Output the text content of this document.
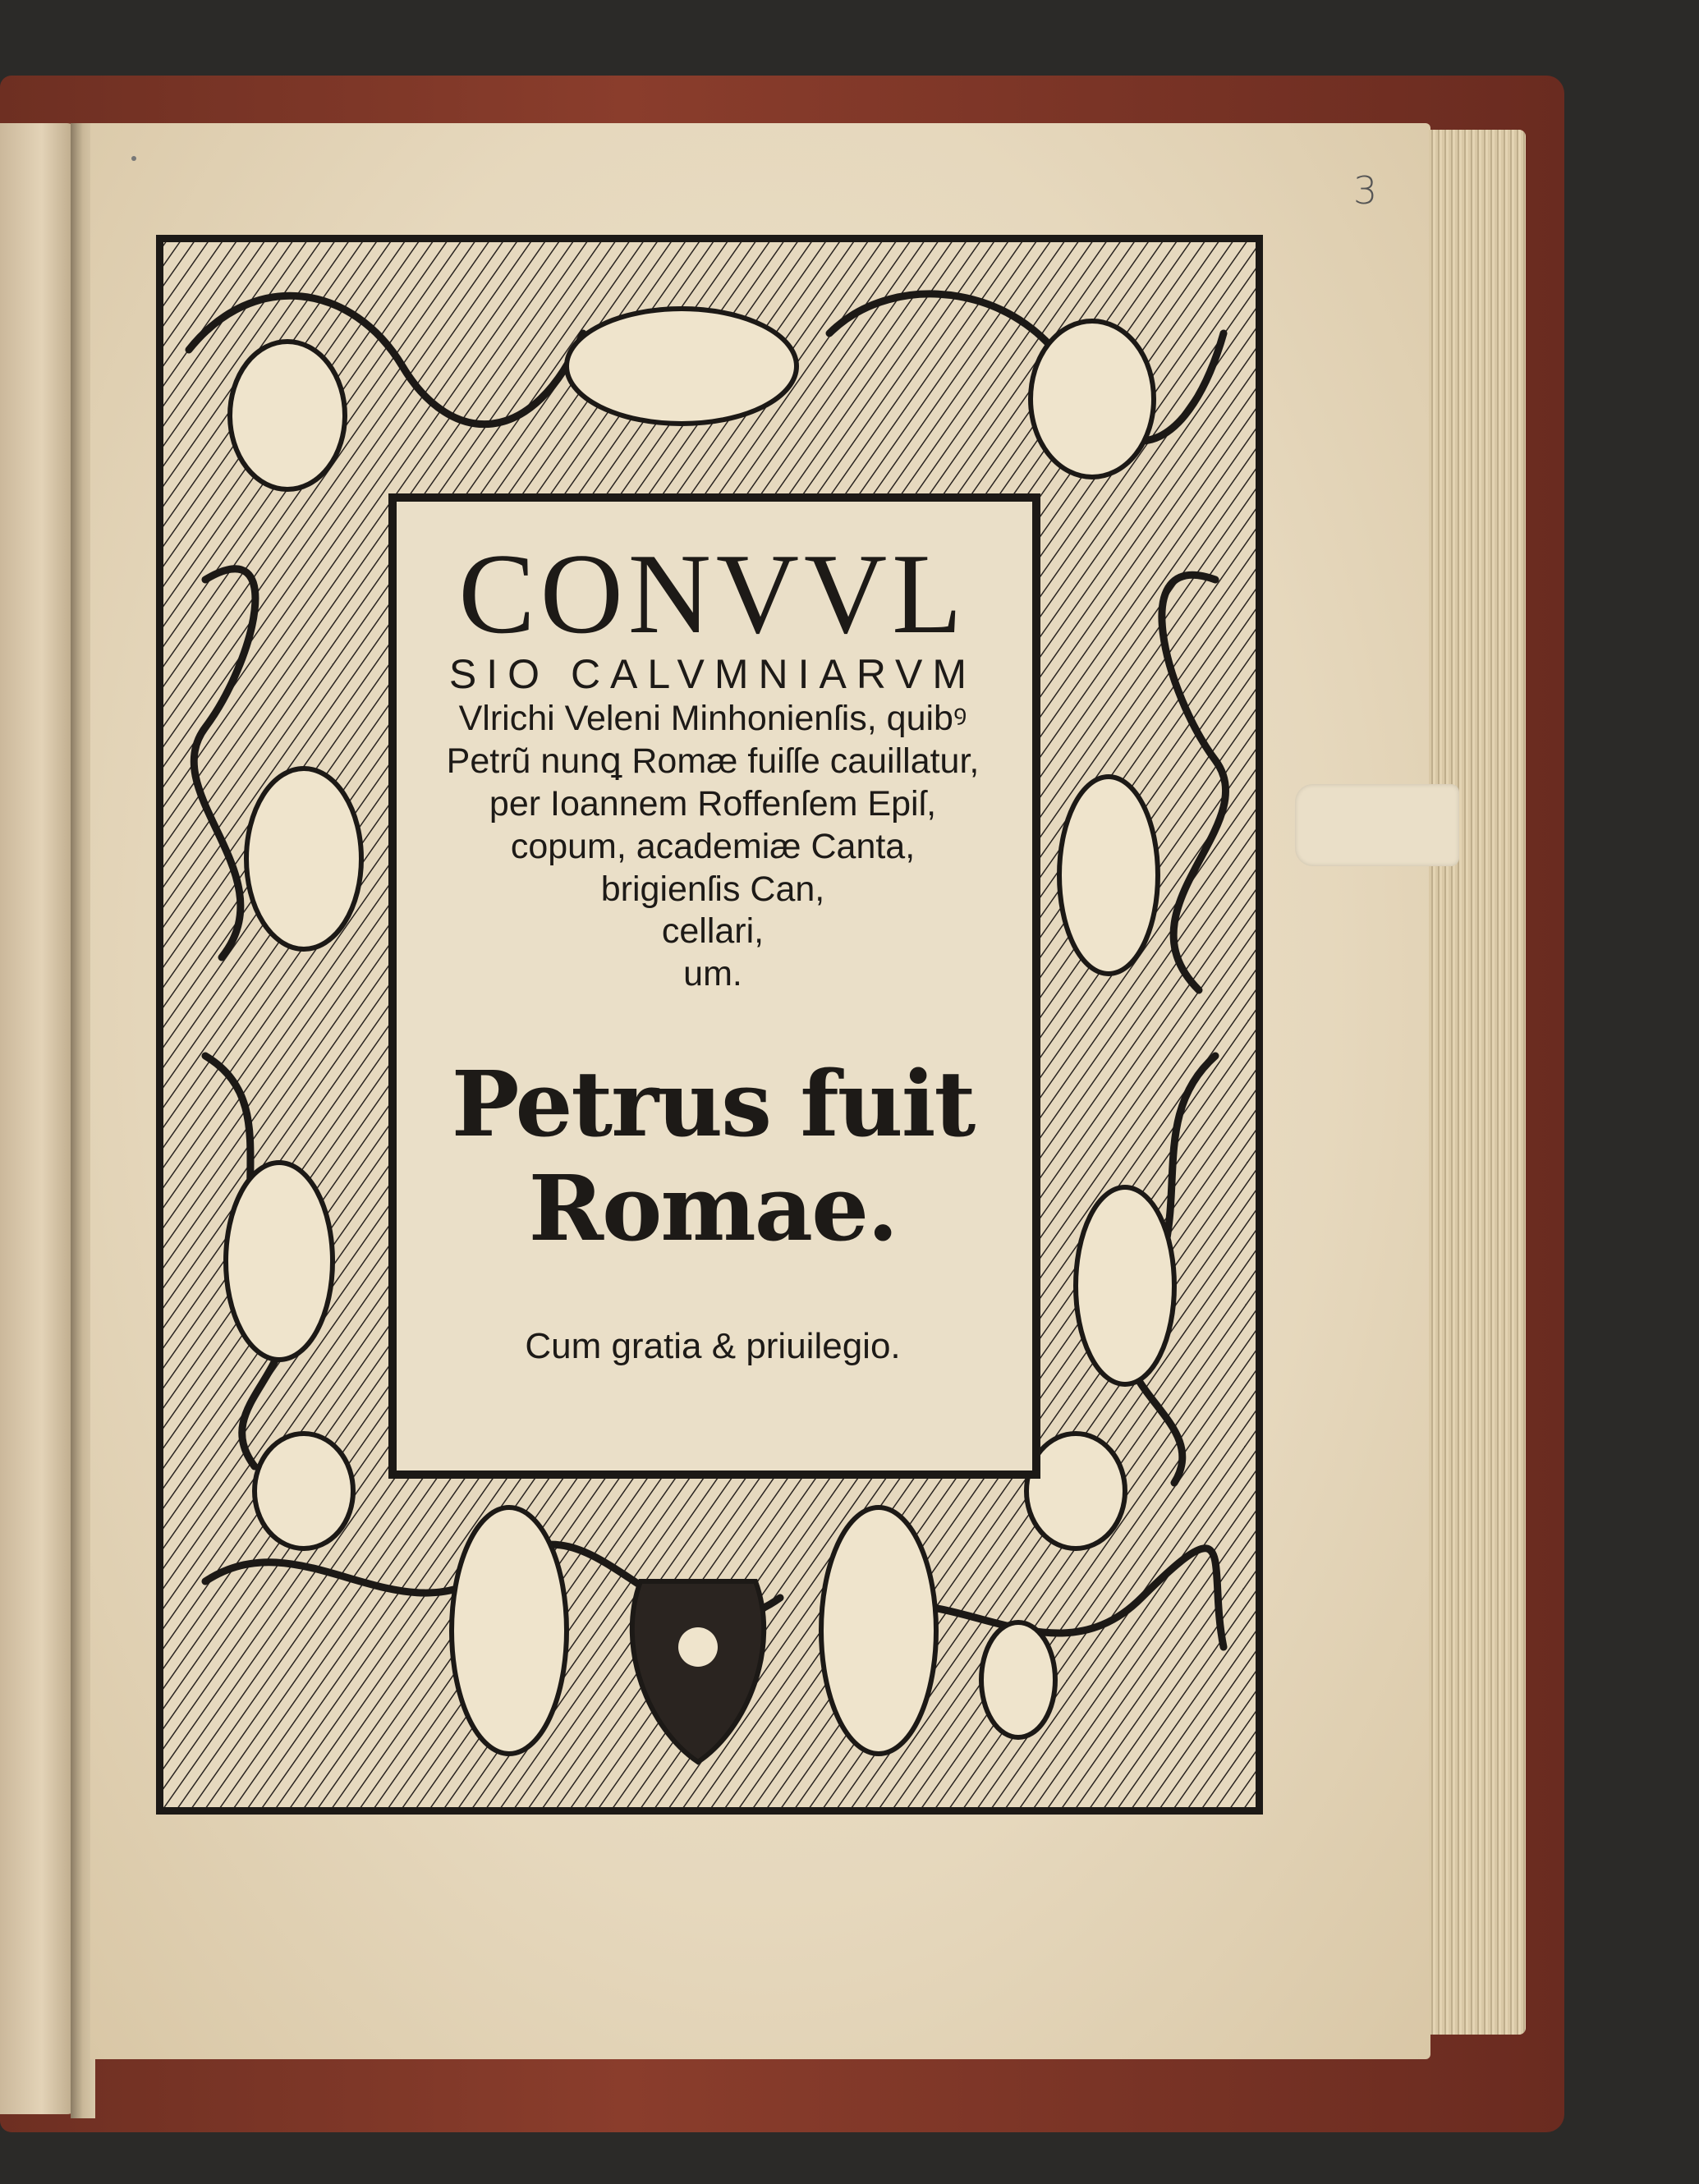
3
CONVVL
SIO CALVMNIARVM
Vlrichi Veleni Minhonienſis, quibꝰ
Petrũ nunꝗ Romæ fuiſſe cauillatur,
per Ioannem Roffenſem Epiſ,
copum, academiæ Canta,
brigienſis Can,
cellari,
um.
Petrus fuit
Romae.
Cum gratia & priuilegio.
